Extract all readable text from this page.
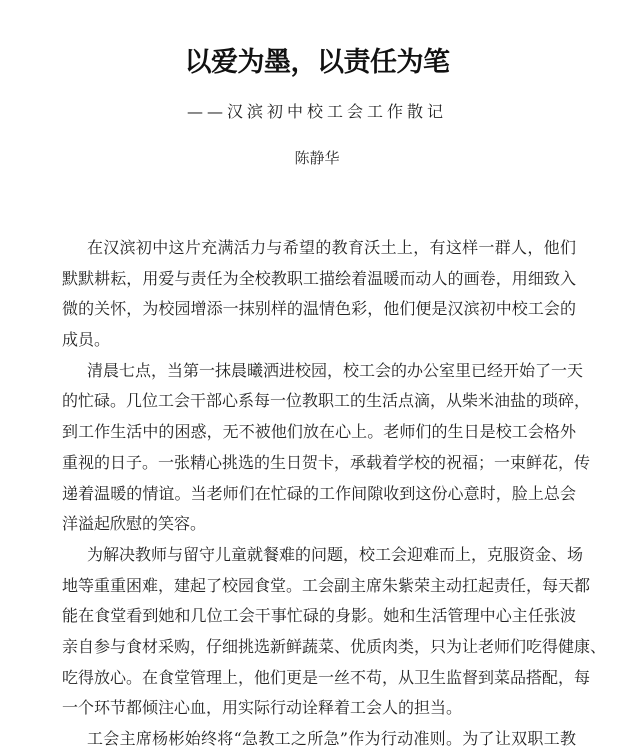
以爱为墨，以责任为笔
——汉滨初中校工会工作散记
陈静华
在汉滨初中这片充满活力与希望的教育沃土上，有这样一群人，他们
默默耕耘，用爱与责任为全校教职工描绘着温暖而动人的画卷，用细致入
微的关怀，为校园增添一抹别样的温情色彩，他们便是汉滨初中校工会的
成员。
清晨七点，当第一抹晨曦洒进校园，校工会的办公室里已经开始了一天
的忙碌。几位工会干部心系每一位教职工的生活点滴，从柴米油盐的琐碎，
到工作生活中的困惑，无不被他们放在心上。老师们的生日是校工会格外
重视的日子。一张精心挑选的生日贺卡，承载着学校的祝福；一束鲜花，传
递着温暖的情谊。当老师们在忙碌的工作间隙收到这份心意时，脸上总会
洋溢起欣慰的笑容。
为解决教师与留守儿童就餐难的问题，校工会迎难而上，克服资金、场
地等重重困难，建起了校园食堂。工会副主席朱紫荣主动扛起责任，每天都
能在食堂看到她和几位工会干事忙碌的身影。她和生活管理中心主任张波
亲自参与食材采购，仔细挑选新鲜蔬菜、优质肉类，只为让老师们吃得健康、
吃得放心。在食堂管理上，他们更是一丝不苟，从卫生监督到菜品搭配，每
一个环节都倾注心血，用实际行动诠释着工会人的担当。
工会主席杨彬始终将“急教工之所急”作为行动准则。为了让双职工教
